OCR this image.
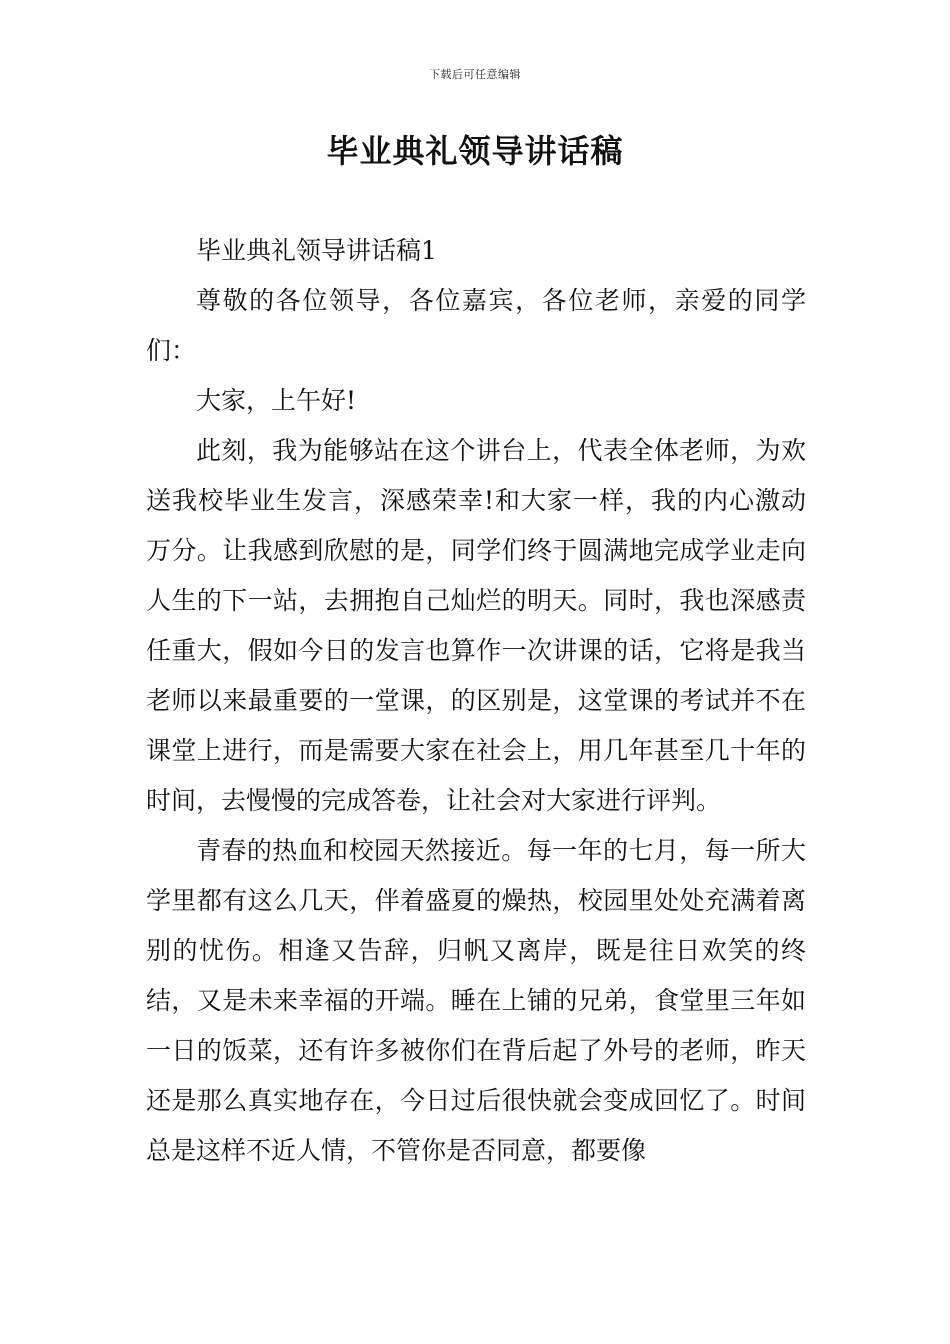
下载后可任意编辑
毕业典礼领导讲话稿

毕业典礼领导讲话稿1

尊敬的各位领导，各位嘉宾，各位老师，亲爱的同学们：

大家，上午好!

此刻，我为能够站在这个讲台上，代表全体老师，为欢送我校毕业生发言，深感荣幸!和大家一样，我的内心激动万分。让我感到欣慰的是，同学们终于圆满地完成学业走向人生的下一站，去拥抱自己灿烂的明天。同时，我也深感责任重大，假如今日的发言也算作一次讲课的话，它将是我当老师以来最重要的一堂课，的区别是，这堂课的考试并不在课堂上进行，而是需要大家在社会上，用几年甚至几十年的时间，去慢慢的完成答卷，让社会对大家进行评判。

青春的热血和校园天然接近。每一年的七月，每一所大学里都有这么几天，伴着盛夏的燥热，校园里处处充满着离别的忧伤。相逢又告辞，归帆又离岸，既是往日欢笑的终结，又是未来幸福的开端。睡在上铺的兄弟，食堂里三年如一日的饭菜，还有许多被你们在背后起了外号的老师，昨天还是那么真实地存在，今日过后很快就会变成回忆了。时间总是这样不近人情，不管你是否同意，都要像
